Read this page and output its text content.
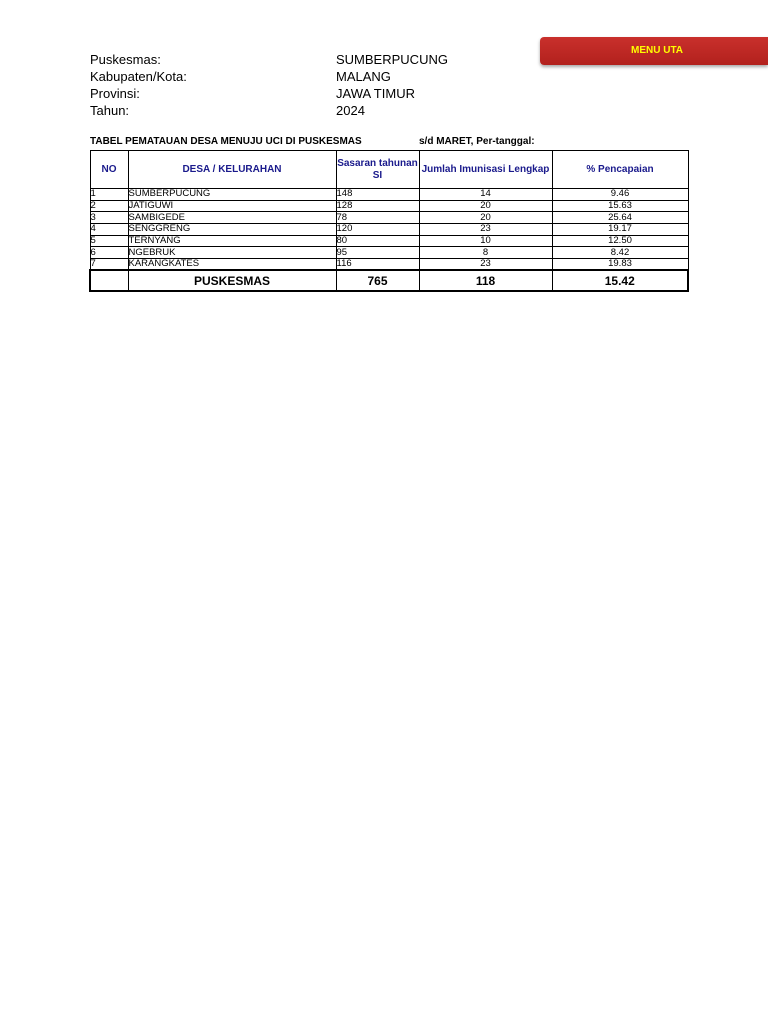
Puskesmas:	SUMBERPUCUNG
Kabupaten/Kota:	MALANG
Provinsi:	JAWA TIMUR
Tahun:	2024
MENU UTA
TABEL PEMATAUAN DESA MENUJU UCI DI PUSKESMAS	s/d MARET, Per-tanggal:
NO	DESA / KELURAHAN	Sasaran tahunan SI	Jumlah Imunisasi Lengkap	% Pencapaian
1	SUMBERPUCUNG	148	14	9.46
2	JATIGUWI	128	20	15.63
3	SAMBIGEDE	78	20	25.64
4	SENGGRENG	120	23	19.17
5	TERNYANG	80	10	12.50
6	NGEBRUK	95	8	8.42
7	KARANGKATES	116	23	19.83
	PUSKESMAS	765	118	15.42
